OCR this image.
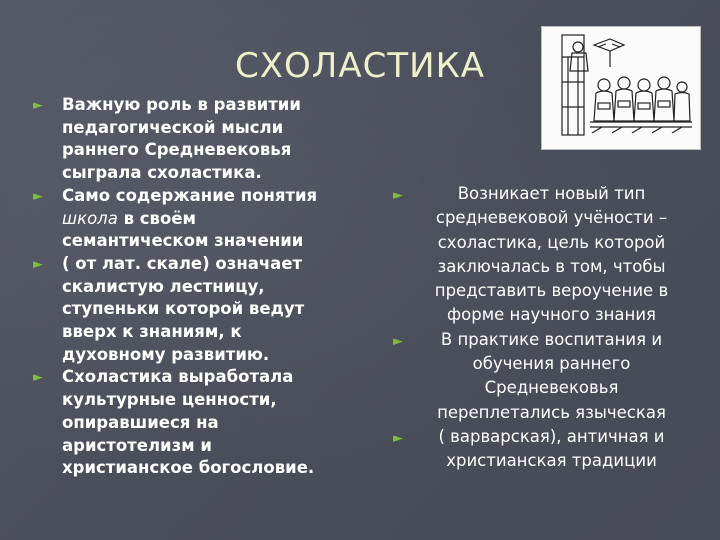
СХОЛАСТИКА
► Важную роль в развитии педагогической мысли раннего Средневековья сыграла схоластика.
► Само содержание понятия школа в своём семантическом значении
► ( от лат. скале) означает скалистую лестницу, ступеньки которой ведут вверх к знаниям, к духовному развитию.
► Схоластика выработала культурные ценности, опиравшиеся на аристотелизм и христианское богословие.
►	Возникает новый тип средневековой учёности – схоластика, цель которой заключалась в том, чтобы представить вероучение в форме научного знания
► В практике воспитания и обучения раннего Средневековья переплетались языческая
► ( варварская), античная и христианская традиции
